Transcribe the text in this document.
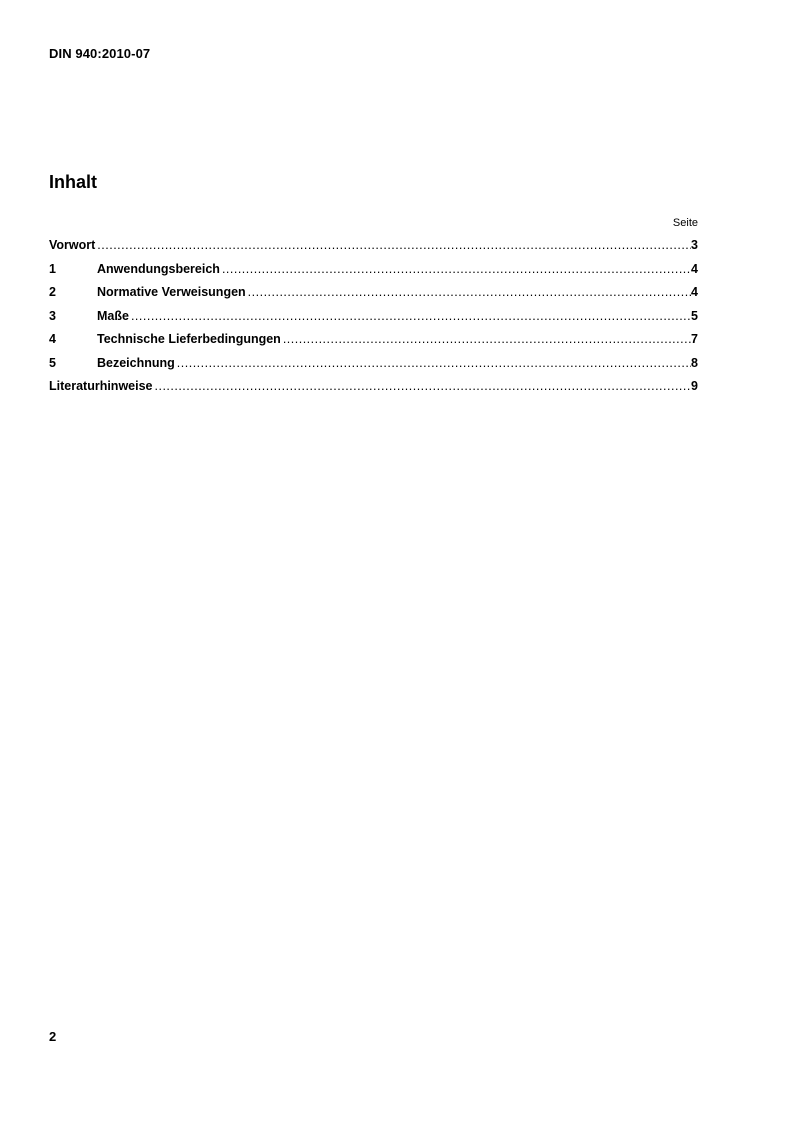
DIN 940:2010-07
Inhalt
Seite
Vorwort .....	3
1	Anwendungsbereich .....	4
2	Normative Verweisungen .....	4
3	Maße .....	5
4	Technische Lieferbedingungen .....	7
5	Bezeichnung .....	8
Literaturhinweise .....	9
2
